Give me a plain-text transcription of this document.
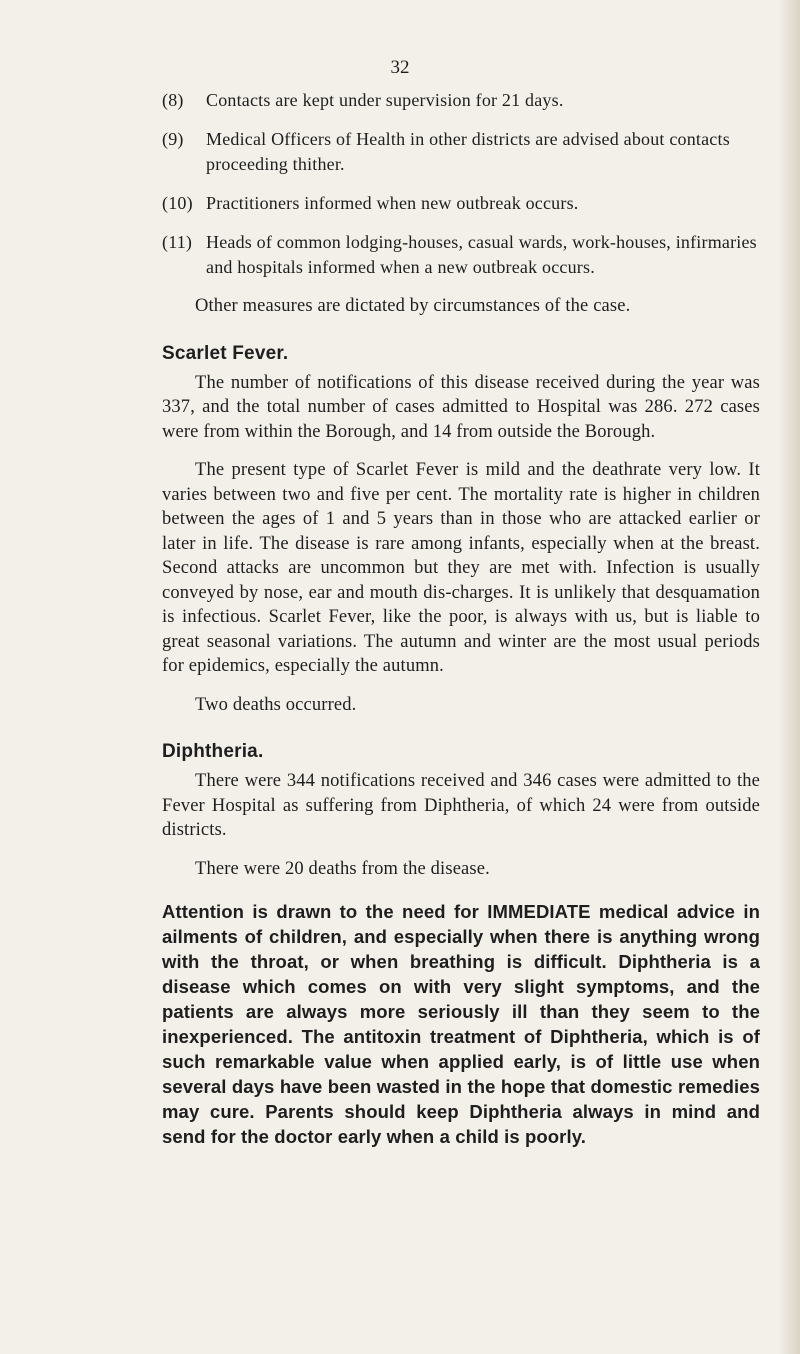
32

(8) Contacts are kept under supervision for 21 days.
(9) Medical Officers of Health in other districts are advised about contacts proceeding thither.
(10) Practitioners informed when new outbreak occurs.
(11) Heads of common lodging-houses, casual wards, work-houses, infirmaries and hospitals informed when a new outbreak occurs.

Other measures are dictated by circumstances of the case.

Scarlet Fever.

The number of notifications of this disease received during the year was 337, and the total number of cases admitted to Hospital was 286. 272 cases were from within the Borough, and 14 from outside the Borough.

The present type of Scarlet Fever is mild and the deathrate very low. It varies between two and five per cent. The mortality rate is higher in children between the ages of 1 and 5 years than in those who are attacked earlier or later in life. The disease is rare among infants, especially when at the breast. Second attacks are uncommon but they are met with. Infection is usually conveyed by nose, ear and mouth dis-charges. It is unlikely that desquamation is infectious. Scarlet Fever, like the poor, is always with us, but is liable to great seasonal variations. The autumn and winter are the most usual periods for epidemics, especially the autumn.

Two deaths occurred.

Diphtheria.

There were 344 notifications received and 346 cases were admitted to the Fever Hospital as suffering from Diphtheria, of which 24 were from outside districts.

There were 20 deaths from the disease.

Attention is drawn to the need for IMMEDIATE medical advice in ailments of children, and especially when there is anything wrong with the throat, or when breathing is difficult. Diphtheria is a disease which comes on with very slight symptoms, and the patients are always more seriously ill than they seem to the inexperienced. The antitoxin treatment of Diphtheria, which is of such remarkable value when applied early, is of little use when several days have been wasted in the hope that domestic remedies may cure. Parents should keep Diphtheria always in mind and send for the doctor early when a child is poorly.
